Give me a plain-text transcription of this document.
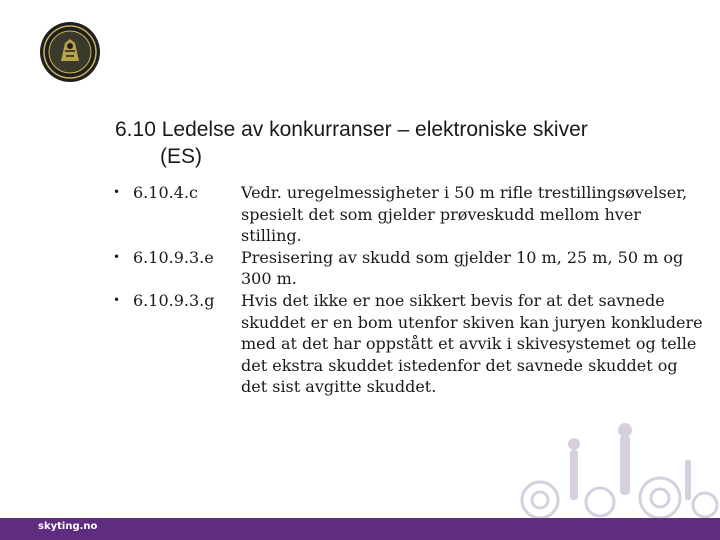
6.10 Ledelse av konkurranser – elektroniske skiver
(ES)
• 6.10.4.c	Vedr. uregelmessigheter i 50 m rifle trestillingsøvelser, spesielt det som gjelder prøveskudd mellom hver stilling.
• 6.10.9.3.e	Presisering av skudd som gjelder 10 m, 25 m, 50 m og 300 m.
• 6.10.9.3.g	Hvis det ikke er noe sikkert bevis for at det savnede skuddet er en bom utenfor skiven kan juryen konkludere med at det har oppstått et avvik i skivesystemet og telle det ekstra skuddet istedenfor det savnede skuddet og det sist avgitte skuddet.
skyting.no
